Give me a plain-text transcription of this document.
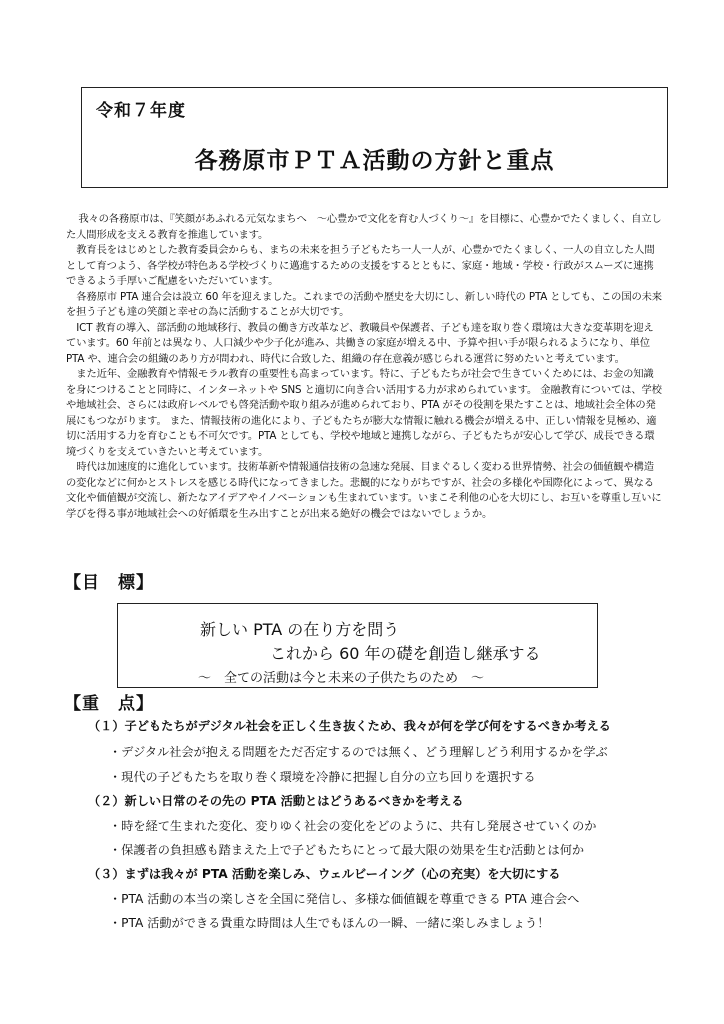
令和７年度
各務原市ＰＴＡ活動の方針と重点

我々の各務原市は、『笑顔があふれる元気なまちへ　～心豊かで文化を育む人づくり～』を目標に、心豊かでたくましく、自立した人間形成を支える教育を推進しています。

教育長をはじめとした教育委員会からも、まちの未来を担う子どもたち一人一人が、心豊かでたくましく、一人の自立した人間として育つよう、各学校が特色ある学校づくりに邁進するための支援をするとともに、家庭・地域・学校・行政がスムーズに連携できるよう手厚いご配慮をいただいています。

各務原市 PTA 連合会は設立 60 年を迎えました。これまでの活動や歴史を大切にし、新しい時代の PTA としても、この国の未来を担う子ども達の笑顔と幸せの為に活動することが大切です。

ICT 教育の導入、部活動の地域移行、教員の働き方改革など、教職員や保護者、子ども達を取り巻く環境は大きな変革期を迎えています。60 年前とは異なり、人口減少や少子化が進み、共働きの家庭が増える中、予算や担い手が限られるようになり、単位 PTA や、連合会の組織のあり方が問われ、時代に合致した、組織の存在意義が感じられる運営に努めたいと考えています。

また近年、金融教育や情報モラル教育の重要性も高まっています。特に、子どもたちが社会で生きていくためには、お金の知識を身につけることと同時に、インターネットや SNS と適切に向き合い活用する力が求められています。 金融教育については、学校や地域社会、さらには政府レベルでも啓発活動や取り組みが進められており、PTA がその役割を果たすことは、地域社会全体の発展にもつながります。 また、情報技術の進化により、子どもたちが膨大な情報に触れる機会が増える中、正しい情報を見極め、適切に活用する力を育むことも不可欠です。PTA としても、学校や地域と連携しながら、子どもたちが安心して学び、成長できる環境づくりを支えていきたいと考えています。

時代は加速度的に進化しています。技術革新や情報通信技術の急速な発展、目まぐるしく変わる世界情勢、社会の価値観や構造の変化などに何かとストレスを感じる時代になってきました。悲観的になりがちですが、社会の多様化や国際化によって、異なる文化や価値観が交流し、新たなアイデアやイノベーションも生まれています。いまこそ利他の心を大切にし、お互いを尊重し互いに学びを得る事が地域社会への好循環を生み出すことが出来る絶好の機会ではないでしょうか。

【目　標】
新しい PTA の在り方を問う
これから 60 年の礎を創造し継承する
～　全ての活動は今と未来の子供たちのため　～
【重　点】
（１）子どもたちがデジタル社会を正しく生き抜くため、我々が何を学び何をするべきか考える
・デジタル社会が抱える問題をただ否定するのでは無く、どう理解しどう利用するかを学ぶ
・現代の子どもたちを取り巻く環境を冷静に把握し自分の立ち回りを選択する
（２）新しい日常のその先の PTA 活動とはどうあるべきかを考える
・時を経て生まれた変化、変りゆく社会の変化をどのように、共有し発展させていくのか
・保護者の負担感も踏まえた上で子どもたちにとって最大限の効果を生む活動とは何か
（３）まずは我々が PTA 活動を楽しみ、ウェルビーイング（心の充実）を大切にする
・PTA 活動の本当の楽しさを全国に発信し、多様な価値観を尊重できる PTA 連合会へ
・PTA 活動ができる貴重な時間は人生でもほんの一瞬、一緒に楽しみましょう！
